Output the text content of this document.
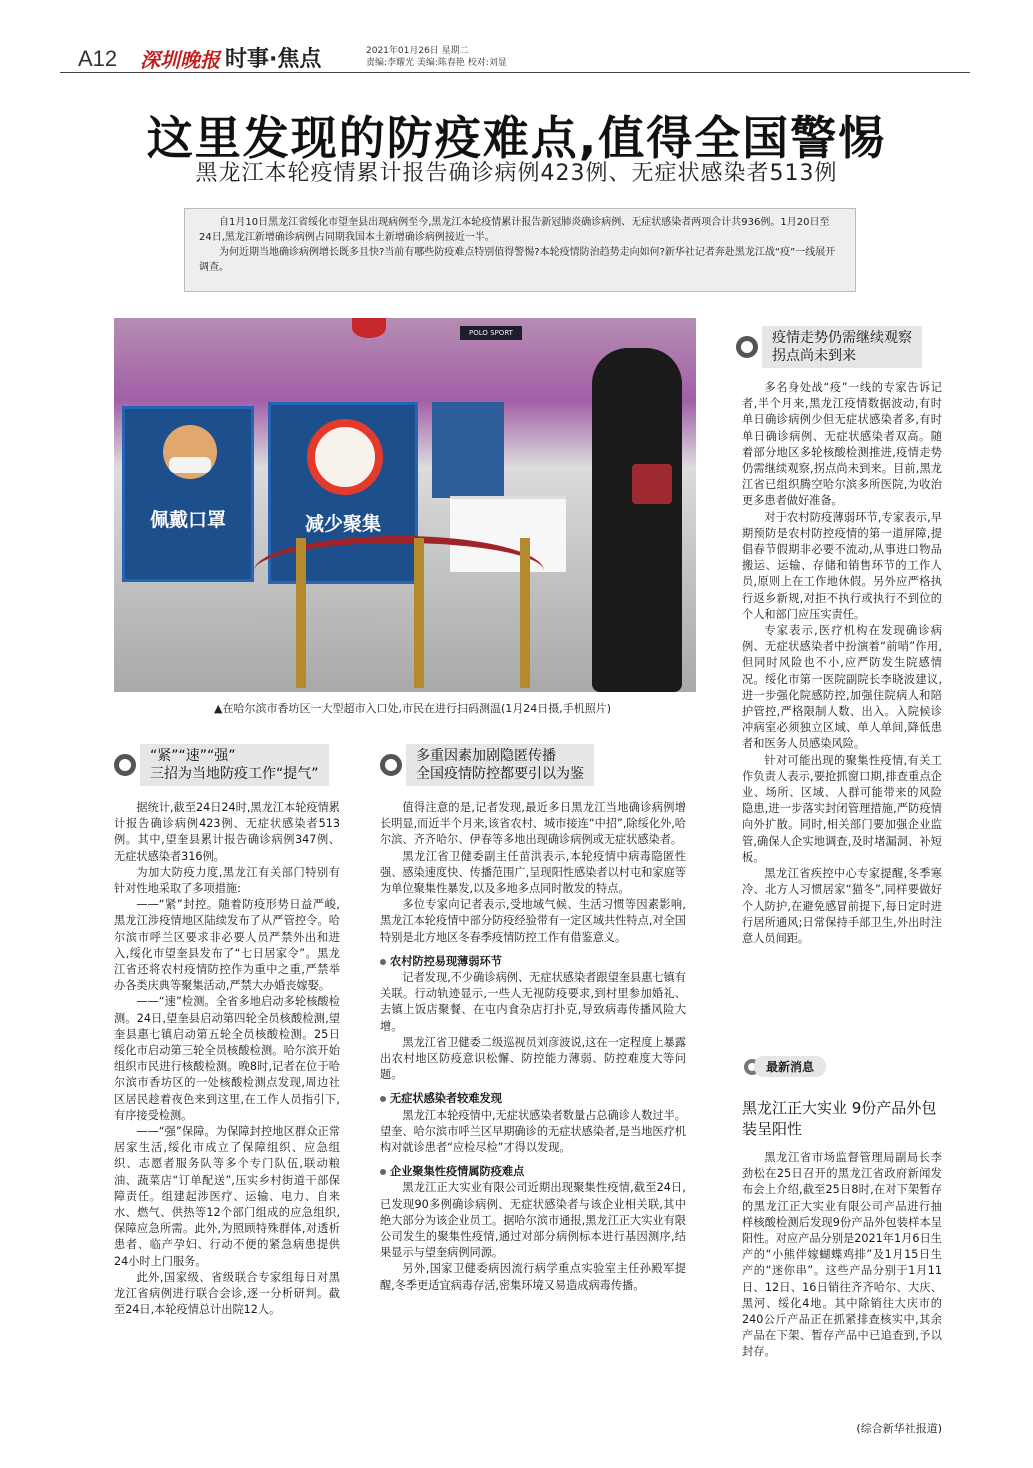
A12 深圳晚报 时事·焦点	2021年01月26日 星期二
责编:李耀光 美编:陈春艳 校对:刘显
这里发现的防疫难点,值得全国警惕
黑龙江本轮疫情累计报告确诊病例423例、无症状感染者513例

自1月10日黑龙江省绥化市望奎县出现病例至今,黑龙江本轮疫情累计报告新冠肺炎确诊病例、无症状感染者两项合计共936例。1月20日至24日,黑龙江新增确诊病例占同期我国本土新增确诊病例接近一半。

为何近期当地确诊病例增长既多且快?当前有哪些防疫难点特别值得警惕?本轮疫情防治趋势走向如何?新华社记者奔赴黑龙江战“疫”一线展开调查。

POLO SPORT
佩戴口罩	减少聚集
▲在哈尔滨市香坊区一大型超市入口处,市民在进行扫码测温(1月24日摄,手机照片)
“紧”“速”“强”
三招为当地防疫工作“提气”
多重因素加剧隐匿传播
全国疫情防控都要引以为鉴
疫情走势仍需继续观察
拐点尚未到来

据统计,截至24日24时,黑龙江本轮疫情累计报告确诊病例423例、无症状感染者513例。其中,望奎县累计报告确诊病例347例、无症状感染者316例。

为加大防疫力度,黑龙江有关部门特别有针对性地采取了多项措施:

——“紧”封控。随着防疫形势日益严峻,黑龙江涉疫情地区陆续发布了从严管控令。哈尔滨市呼兰区要求非必要人员严禁外出和进入,绥化市望奎县发布了“七日居家令”。黑龙江省还将农村疫情防控作为重中之重,严禁举办各类庆典等聚集活动,严禁大办婚丧嫁娶。

——“速”检测。全省多地启动多轮核酸检测。24日,望奎县启动第四轮全员核酸检测,望奎县惠七镇启动第五轮全员核酸检测。25日绥化市启动第三轮全员核酸检测。哈尔滨开始组织市民进行核酸检测。晚8时,记者在位于哈尔滨市香坊区的一处核酸检测点发现,周边社区居民趁着夜色来到这里,在工作人员指引下,有序接受检测。

——“强”保障。为保障封控地区群众正常居家生活,绥化市成立了保障组织、应急组织、志愿者服务队等多个专门队伍,联动粮油、蔬菜店“订单配送”,压实乡村街道干部保障责任。组建起涉医疗、运输、电力、自来水、燃气、供热等12个部门组成的应急组织,保障应急所需。此外,为照顾特殊群体,对透析患者、临产孕妇、行动不便的紧急病患提供24小时上门服务。

此外,国家级、省级联合专家组每日对黑龙江省病例进行联合会诊,逐一分析研判。截至24日,本轮疫情总计出院12人。

值得注意的是,记者发现,最近多日黑龙江当地确诊病例增长明显,而近半个月来,该省农村、城市接连“中招”,除绥化外,哈尔滨、齐齐哈尔、伊春等多地出现确诊病例或无症状感染者。

黑龙江省卫健委副主任苗洪表示,本轮疫情中病毒隐匿性强、感染速度快、传播范围广,呈现阳性感染者以村屯和家庭等为单位聚集性暴发,以及多地多点同时散发的特点。

多位专家向记者表示,受地域气候、生活习惯等因素影响,黑龙江本轮疫情中部分防疫经验带有一定区域共性特点,对全国特别是北方地区冬春季疫情防控工作有借鉴意义。

农村防控易现薄弱环节

记者发现,不少确诊病例、无症状感染者跟望奎县惠七镇有关联。行动轨迹显示,一些人无视防疫要求,到村里参加婚礼、去镇上饭店聚餐、在屯内食杂店打扑克,导致病毒传播风险大增。

黑龙江省卫健委二级巡视员刘彦波说,这在一定程度上暴露出农村地区防疫意识松懈、防控能力薄弱、防控难度大等问题。

无症状感染者较难发现

黑龙江本轮疫情中,无症状感染者数量占总确诊人数过半。望奎、哈尔滨市呼兰区早期确诊的无症状感染者,是当地医疗机构对就诊患者“应检尽检”才得以发现。

企业聚集性疫情属防疫难点

黑龙江正大实业有限公司近期出现聚集性疫情,截至24日,已发现90多例确诊病例、无症状感染者与该企业相关联,其中绝大部分为该企业员工。据哈尔滨市通报,黑龙江正大实业有限公司发生的聚集性疫情,通过对部分病例标本进行基因测序,结果显示与望奎病例同源。

另外,国家卫健委病因流行病学重点实验室主任孙殿军提醒,冬季更适宜病毒存活,密集环境又易造成病毒传播。

多名身处战“疫”一线的专家告诉记者,半个月来,黑龙江疫情数据波动,有时单日确诊病例少但无症状感染者多,有时单日确诊病例、无症状感染者双高。随着部分地区多轮核酸检测推进,疫情走势仍需继续观察,拐点尚未到来。目前,黑龙江省已组织腾空哈尔滨多所医院,为收治更多患者做好准备。

对于农村防疫薄弱环节,专家表示,早期预防是农村防控疫情的第一道屏障,提倡春节假期非必要不流动,从事进口物品搬运、运输、存储和销售环节的工作人员,原则上在工作地休假。另外应严格执行返乡新规,对拒不执行或执行不到位的个人和部门应压实责任。

专家表示,医疗机构在发现确诊病例、无症状感染者中扮演着“前哨”作用,但同时风险也不小,应严防发生院感情况。绥化市第一医院副院长李晓波建议,进一步强化院感防控,加强住院病人和陪护管控,严格限制人数、出入。入院候诊冲病室必须独立区域、单人单间,降低患者和医务人员感染风险。

针对可能出现的聚集性疫情,有关工作负责人表示,要抢抓窗口期,排查重点企业、场所、区域、人群可能带来的风险隐患,进一步落实封闭管理措施,严防疫情向外扩散。同时,相关部门要加强企业监管,确保人企实地调查,及时堵漏洞、补短板。

黑龙江省疾控中心专家提醒,冬季寒冷、北方人习惯居家“猫冬”,同样要做好个人防护,在避免感冒前提下,每日定时进行居所通风;日常保持手部卫生,外出时注意人员间距。

最新消息
黑龙江正大实业 9份产品外包装呈阳性

黑龙江省市场监督管理局副局长李劲松在25日召开的黑龙江省政府新闻发布会上介绍,截至25日8时,在对下架暂存的黑龙江正大实业有限公司产品进行抽样核酸检测后发现9份产品外包装样本呈阳性。对应产品分别是2021年1月6日生产的“小熊伴嫁蝴蝶鸡排”及1月15日生产的“迷你串”。这些产品分别于1月11日、12日、16日销往齐齐哈尔、大庆、黑河、绥化4地。其中除销往大庆市的240公斤产品正在抓紧排查核实中,其余产品在下架、暂存产品中已追查到,予以封存。

(综合新华社报道)
